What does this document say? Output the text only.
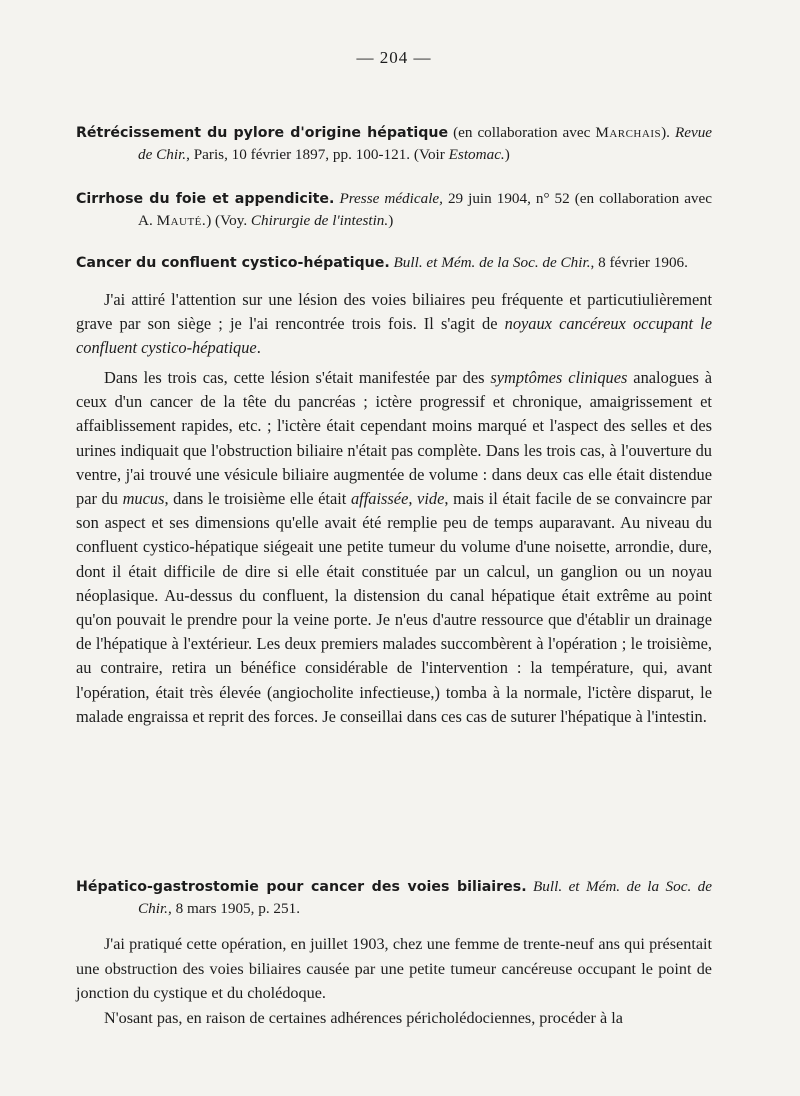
— 204 —
Rétrécissement du pylore d'origine hépatique (en collaboration avec Marchais). Revue de Chir., Paris, 10 février 1897, pp. 100-121. (Voir Estomac.)
Cirrhose du foie et appendicite. Presse médicale, 29 juin 1904, n° 52 (en collaboration avec A. Mauté.) (Voy. Chirurgie de l'intestin.)
Cancer du confluent cystico-hépatique. Bull. et Mém. de la Soc. de Chir., 8 février 1906.
J'ai attiré l'attention sur une lésion des voies biliaires peu fréquente et particutiulièrement grave par son siège ; je l'ai rencontrée trois fois. Il s'agit de noyaux cancéreux occupant le confluent cystico-hépatique.
Dans les trois cas, cette lésion s'était manifestée par des symptômes cliniques analogues à ceux d'un cancer de la tête du pancréas ; ictère progressif et chronique, amaigrissement et affaiblissement rapides, etc. ; l'ictère était cependant moins marqué et l'aspect des selles et des urines indiquait que l'obstruction biliaire n'était pas complète. Dans les trois cas, à l'ouverture du ventre, j'ai trouvé une vésicule biliaire augmentée de volume : dans deux cas elle était distendue par du mucus, dans le troisième elle était affaissée, vide, mais il était facile de se convaincre par son aspect et ses dimensions qu'elle avait été remplie peu de temps auparavant. Au niveau du confluent cystico-hépatique siégeait une petite tumeur du volume d'une noisette, arrondie, dure, dont il était difficile de dire si elle était constituée par un calcul, un ganglion ou un noyau néoplasique. Au-dessus du confluent, la distension du canal hépatique était extrême au point qu'on pouvait le prendre pour la veine porte. Je n'eus d'autre ressource que d'établir un drainage de l'hépatique à l'extérieur. Les deux premiers malades succombèrent à l'opération ; le troisième, au contraire, retira un bénéfice considérable de l'intervention : la température, qui, avant l'opération, était très élevée (angiocholite infectieuse,) tomba à la normale, l'ictère disparut, le malade engraissa et reprit des forces. Je conseillai dans ces cas de suturer l'hépatique à l'intestin.
Hépatico-gastrostomie pour cancer des voies biliaires. Bull. et Mém. de la Soc. de Chir., 8 mars 1905, p. 251.
J'ai pratiqué cette opération, en juillet 1903, chez une femme de trente-neuf ans qui présentait une obstruction des voies biliaires causée par une petite tumeur cancéreuse occupant le point de jonction du cystique et du cholédoque.
N'osant pas, en raison de certaines adhérences péricholédociennes, procéder à la
